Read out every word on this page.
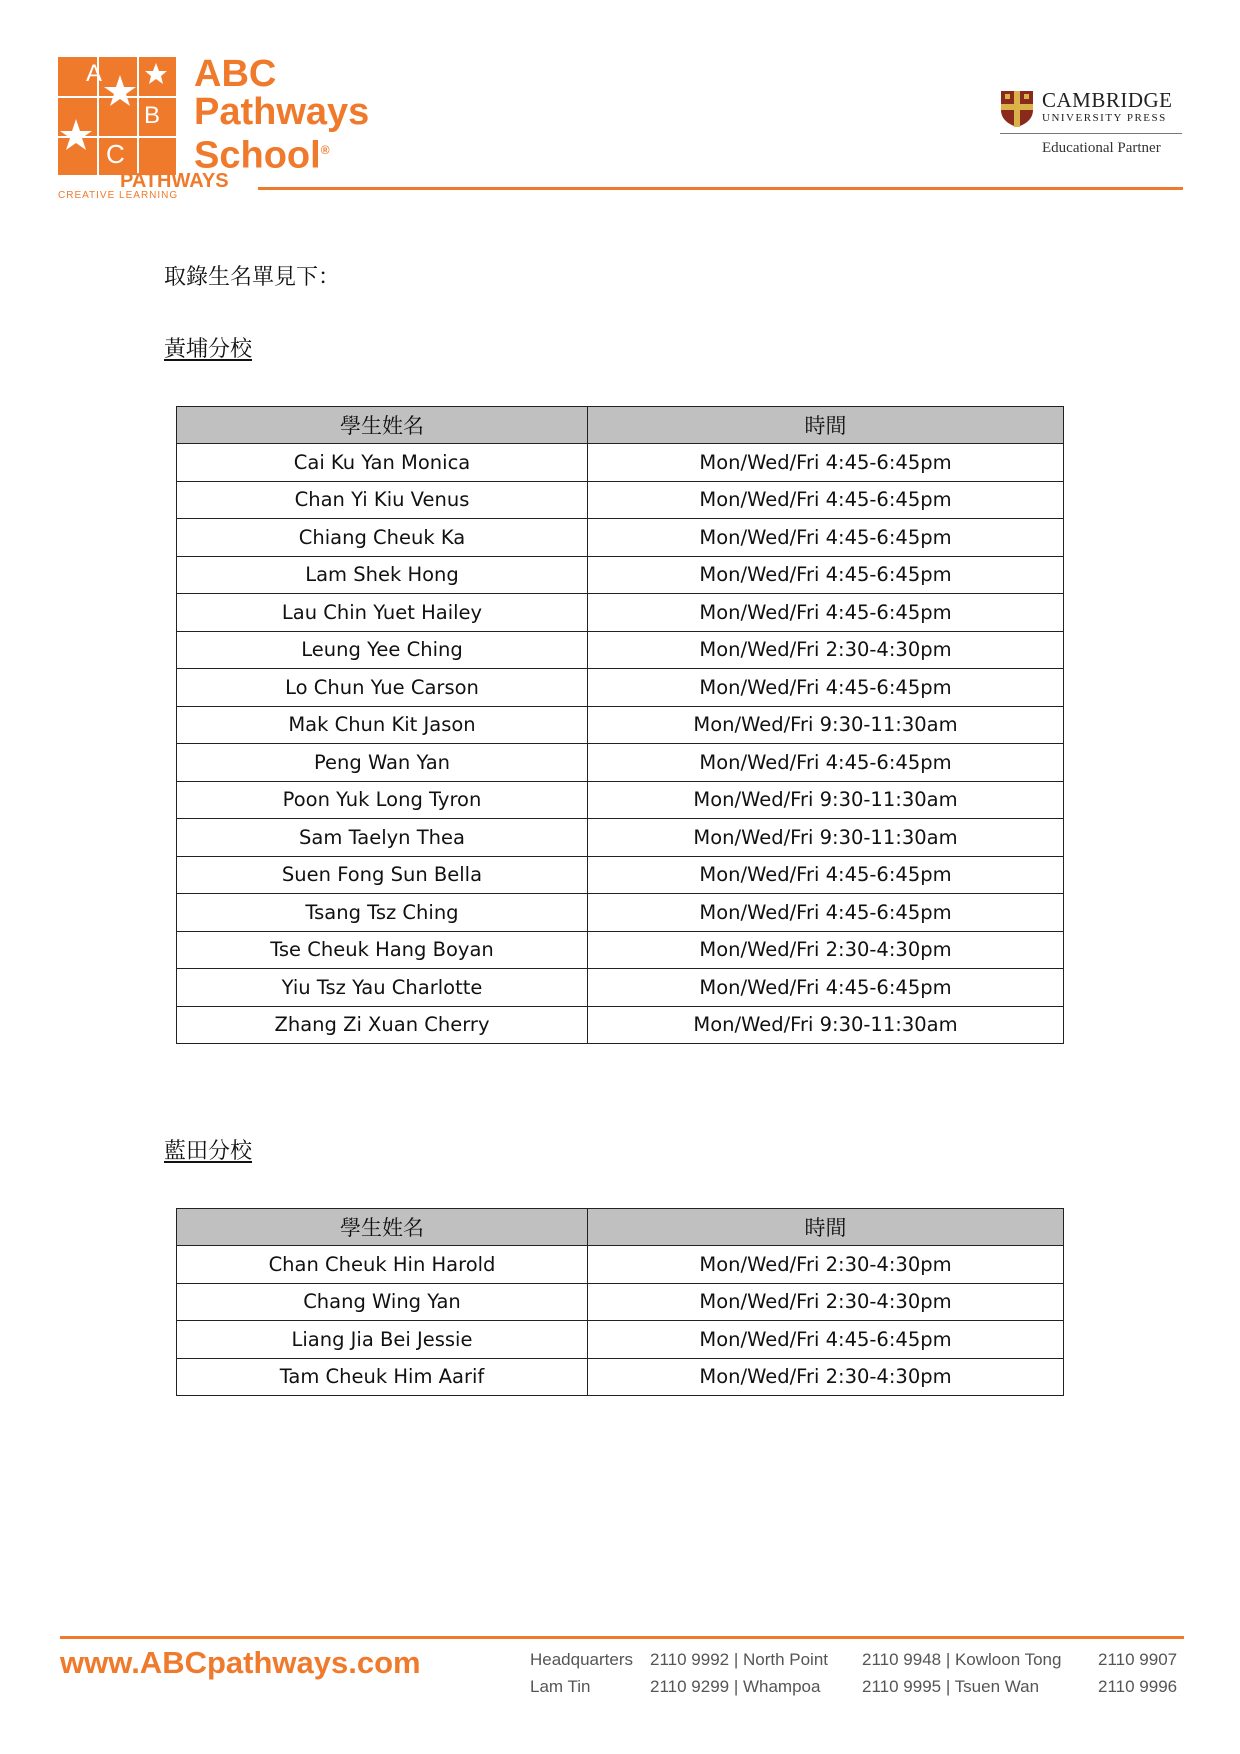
A
B
C
ABC
Pathways
School®
PATHWAYS
CREATIVE LEARNING
CAMBRIDGE
UNIVERSITY PRESS
Educational Partner
取錄生名單見下：
黃埔分校
學生姓名	時間
Cai Ku Yan Monica	Mon/Wed/Fri 4:45-6:45pm
Chan Yi Kiu Venus	Mon/Wed/Fri 4:45-6:45pm
Chiang Cheuk Ka	Mon/Wed/Fri 4:45-6:45pm
Lam Shek Hong	Mon/Wed/Fri 4:45-6:45pm
Lau Chin Yuet Hailey	Mon/Wed/Fri 4:45-6:45pm
Leung Yee Ching	Mon/Wed/Fri 2:30-4:30pm
Lo Chun Yue Carson	Mon/Wed/Fri 4:45-6:45pm
Mak Chun Kit Jason	Mon/Wed/Fri 9:30-11:30am
Peng Wan Yan	Mon/Wed/Fri 4:45-6:45pm
Poon Yuk Long Tyron	Mon/Wed/Fri 9:30-11:30am
Sam Taelyn Thea	Mon/Wed/Fri 9:30-11:30am
Suen Fong Sun Bella	Mon/Wed/Fri 4:45-6:45pm
Tsang Tsz Ching	Mon/Wed/Fri 4:45-6:45pm
Tse Cheuk Hang Boyan	Mon/Wed/Fri 2:30-4:30pm
Yiu Tsz Yau Charlotte	Mon/Wed/Fri 4:45-6:45pm
Zhang Zi Xuan Cherry	Mon/Wed/Fri 9:30-11:30am
藍田分校
學生姓名	時間
Chan Cheuk Hin Harold	Mon/Wed/Fri 2:30-4:30pm
Chang Wing Yan	Mon/Wed/Fri 2:30-4:30pm
Liang Jia Bei Jessie	Mon/Wed/Fri 4:45-6:45pm
Tam Cheuk Him Aarif	Mon/Wed/Fri 2:30-4:30pm
www.ABCpathways.com	Headquarters
Lam Tin
2110 9992 | North Point
2110 9299 | Whampoa
2110 9948 | Kowloon Tong
2110 9995 | Tsuen Wan
2110 9907
2110 9996
